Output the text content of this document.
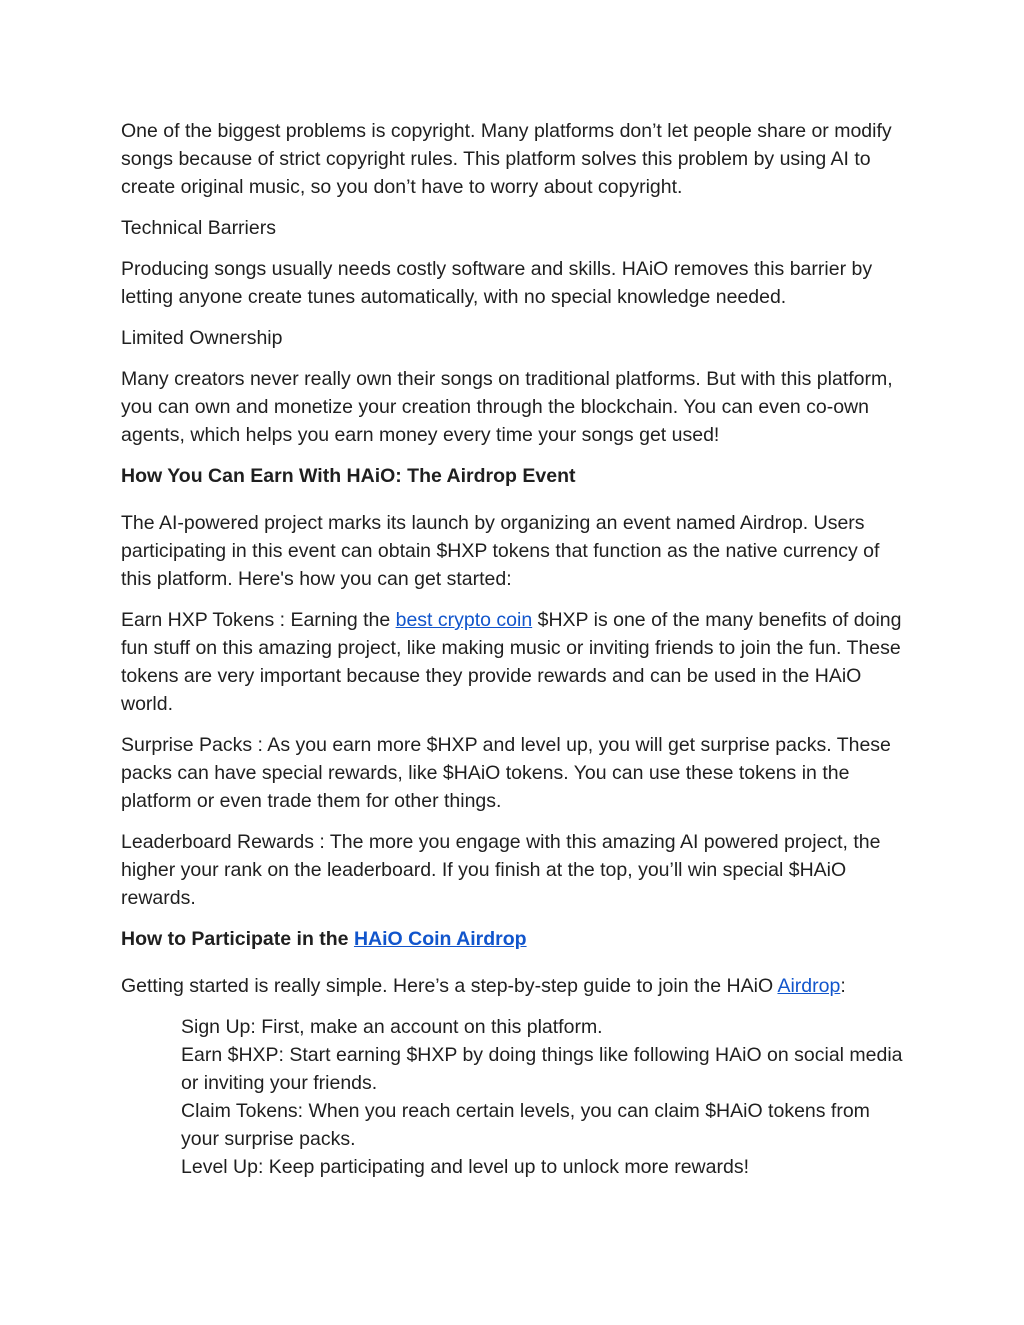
One of the biggest problems is copyright. Many platforms don’t let people share or modify songs because of strict copyright rules. This platform solves this problem by using AI to create original music, so you don’t have to worry about copyright.

Technical Barriers

Producing songs usually needs costly software and skills. HAiO removes this barrier by letting anyone create tunes automatically, with no special knowledge needed.

Limited Ownership

Many creators never really own their songs on traditional platforms. But with this platform, you can own and monetize your creation through the blockchain. You can even co-own agents, which helps you earn money every time your songs get used!

How You Can Earn With HAiO: The Airdrop Event

The AI-powered project marks its launch by organizing an event named Airdrop. Users participating in this event can obtain $HXP tokens that function as the native currency of this platform. Here's how you can get started:

Earn HXP Tokens : Earning the best crypto coin $HXP is one of the many benefits of doing fun stuff on this amazing project, like making music or inviting friends to join the fun. These tokens are very important because they provide rewards and can be used in the HAiO world.

Surprise Packs : As you earn more $HXP and level up, you will get surprise packs. These packs can have special rewards, like $HAiO tokens. You can use these tokens in the platform or even trade them for other things.

Leaderboard Rewards : The more you engage with this amazing AI powered project, the higher your rank on the leaderboard. If you finish at the top, you’ll win special $HAiO rewards.

How to Participate in the HAiO Coin Airdrop

Getting started is really simple. Here’s a step-by-step guide to join the HAiO Airdrop:

Sign Up: First, make an account on this platform.
Earn $HXP: Start earning $HXP by doing things like following HAiO on social media or inviting your friends.
Claim Tokens: When you reach certain levels, you can claim $HAiO tokens from your surprise packs.
Level Up: Keep participating and level up to unlock more rewards!
